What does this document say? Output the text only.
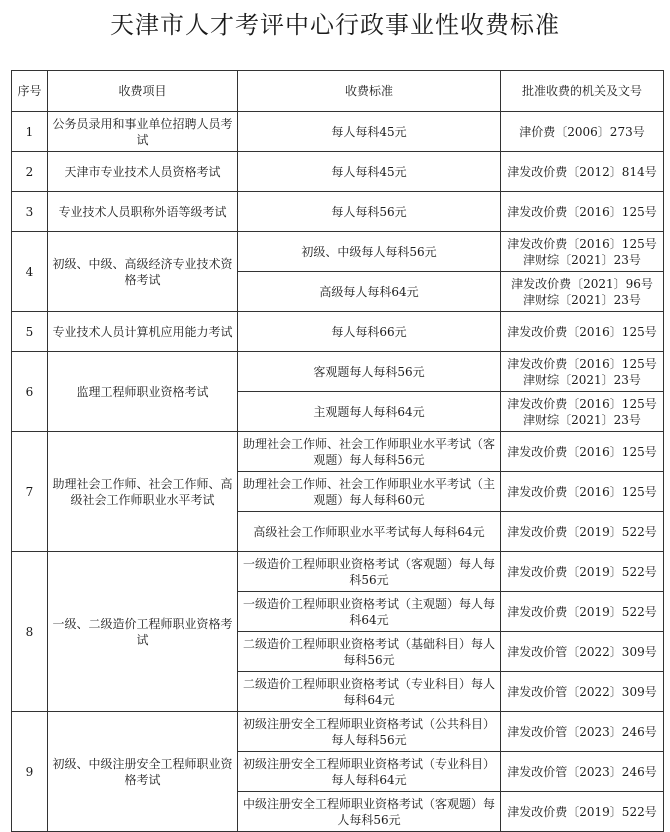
天津市人才考评中心行政事业性收费标准
序号	收费项目	收费标准	批准收费的机关及文号
1	公务员录用和事业单位招聘人员考试	每人每科45元	津价费〔2006〕273号
2	天津市专业技术人员资格考试	每人每科45元	津发改价费〔2012〕814号
3	专业技术人员职称外语等级考试	每人每科56元	津发改价费〔2016〕125号
4	初级、中级、高级经济专业技术资格考试	初级、中级每人每科56元	津发改价费〔2016〕125号
津财综〔2021〕23号
		高级每人每科64元	津发改价费〔2021〕96号
津财综〔2021〕23号
5	专业技术人员计算机应用能力考试	每人每科66元	津发改价费〔2016〕125号
6	监理工程师职业资格考试	客观题每人每科56元	津发改价费〔2016〕125号
津财综〔2021〕23号
		主观题每人每科64元	津发改价费〔2016〕125号
津财综〔2021〕23号
7	助理社会工作师、社会工作师、高级社会工作师职业水平考试	助理社会工作师、社会工作师职业水平考试（客观题）每人每科56元	津发改价费〔2016〕125号
		助理社会工作师、社会工作师职业水平考试（主观题）每人每科60元	津发改价费〔2016〕125号
		高级社会工作师职业水平考试每人每科64元	津发改价费〔2019〕522号
8	一级、二级造价工程师职业资格考试	一级造价工程师职业资格考试（客观题）每人每科56元	津发改价费〔2019〕522号
		一级造价工程师职业资格考试（主观题）每人每科64元	津发改价费〔2019〕522号
		二级造价工程师职业资格考试（基础科目）每人每科56元	津发改价管〔2022〕309号
		二级造价工程师职业资格考试（专业科目）每人每科64元	津发改价管〔2022〕309号
9	初级、中级注册安全工程师职业资格考试	初级注册安全工程师职业资格考试（公共科目）每人每科56元	津发改价管〔2023〕246号
		初级注册安全工程师职业资格考试（专业科目）每人每科64元	津发改价管〔2023〕246号
		中级注册安全工程师职业资格考试（客观题）每人每科56元	津发改价费〔2019〕522号
